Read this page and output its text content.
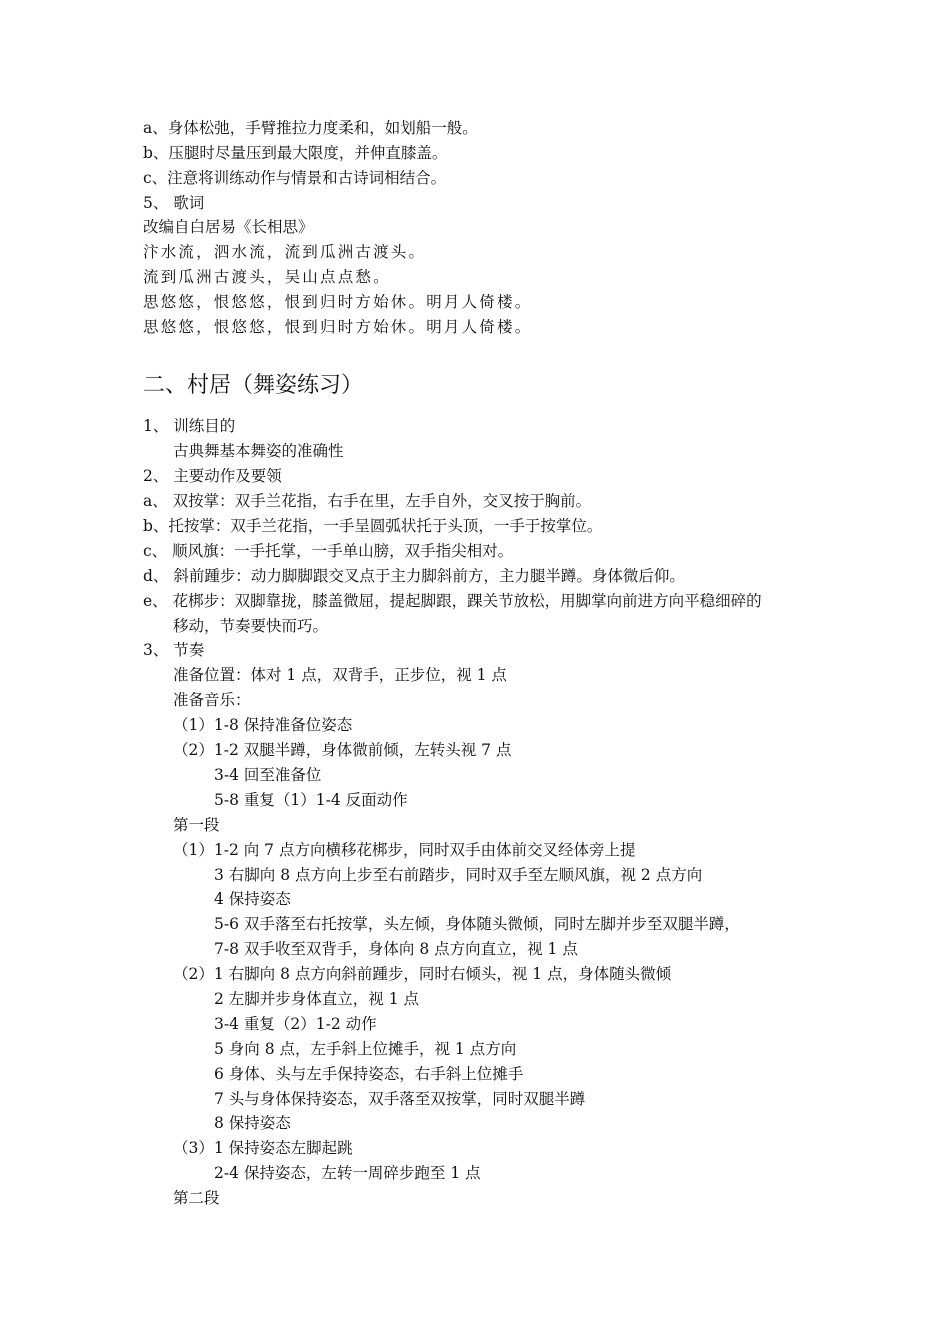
a、身体松弛，手臂推拉力度柔和，如划船一般。
b、压腿时尽量压到最大限度，并伸直膝盖。
c、注意将训练动作与情景和古诗词相结合。
5、 歌词
改编自白居易《长相思》
汴水流，泗水流，流到瓜洲古渡头。
流到瓜洲古渡头，吴山点点愁。
思悠悠，恨悠悠，恨到归时方始休。明月人倚楼。
思悠悠，恨悠悠，恨到归时方始休。明月人倚楼。
二、村居（舞姿练习）
1、 训练目的
古典舞基本舞姿的准确性
2、 主要动作及要领
a、 双按掌：双手兰花指，右手在里，左手自外，交叉按于胸前。
b、托按掌：双手兰花指，一手呈圆弧状托于头顶，一手于按掌位。
c、 顺风旗：一手托掌，一手单山膀，双手指尖相对。
d、 斜前踵步：动力脚脚跟交叉点于主力脚斜前方，主力腿半蹲。身体微后仰。
e、 花梆步：双脚靠拢，膝盖微屈，提起脚跟，踝关节放松，用脚掌向前进方向平稳细碎的
移动，节奏要快而巧。
3、 节奏
准备位置：体对 1 点，双背手，正步位，视 1 点
准备音乐：
（1）1-8 保持准备位姿态
（2）1-2 双腿半蹲，身体微前倾，左转头视 7 点
3-4 回至准备位
5-8 重复（1）1-4 反面动作
第一段
（1）1-2 向 7 点方向横移花梆步，同时双手由体前交叉经体旁上提
3 右脚向 8 点方向上步至右前踏步，同时双手至左顺风旗，视 2 点方向
4 保持姿态
5-6 双手落至右托按掌，头左倾，身体随头微倾，同时左脚并步至双腿半蹲，
7-8 双手收至双背手，身体向 8 点方向直立，视 1 点
（2）1 右脚向 8 点方向斜前踵步，同时右倾头，视 1 点，身体随头微倾
2 左脚并步身体直立，视 1 点
3-4 重复（2）1-2 动作
5 身向 8 点，左手斜上位摊手，视 1 点方向
6 身体、头与左手保持姿态，右手斜上位摊手
7 头与身体保持姿态，双手落至双按掌，同时双腿半蹲
8 保持姿态
（3）1 保持姿态左脚起跳
2-4 保持姿态，左转一周碎步跑至 1 点
第二段
